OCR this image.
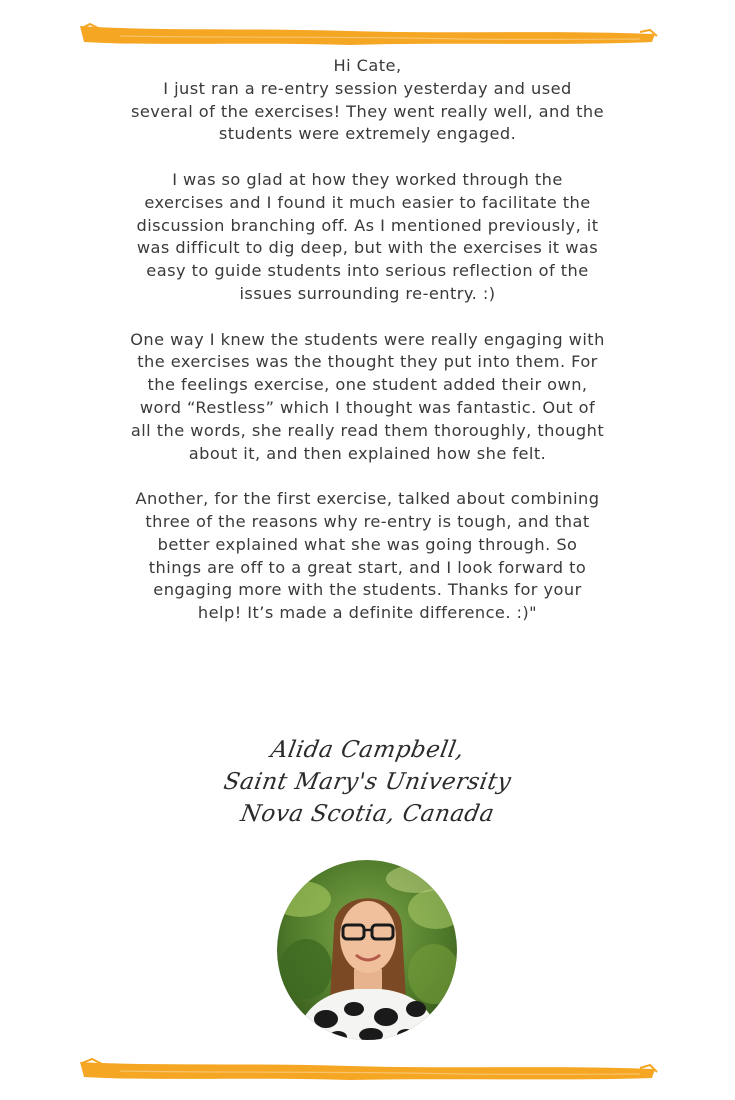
Hi Cate,

I just ran a re-entry session yesterday and used several of the exercises! They went really well, and the students were extremely engaged.

I was so glad at how they worked through the exercises and I found it much easier to facilitate the discussion branching off. As I mentioned previously, it was difficult to dig deep, but with the exercises it was easy to guide students into serious reflection of the issues surrounding re-entry. :)

One way I knew the students were really engaging with the exercises was the thought they put into them. For the feelings exercise, one student added their own, word “Restless” which I thought was fantastic. Out of all the words, she really read them thoroughly, thought about it, and then explained how she felt.

Another, for the first exercise, talked about combining three of the reasons why re-entry is tough, and that better explained what she was going through. So things are off to a great start, and I look forward to engaging more with the students. Thanks for your help! It’s made a definite difference. :)"

Alida Campbell,
Saint Mary's University
Nova Scotia, Canada
